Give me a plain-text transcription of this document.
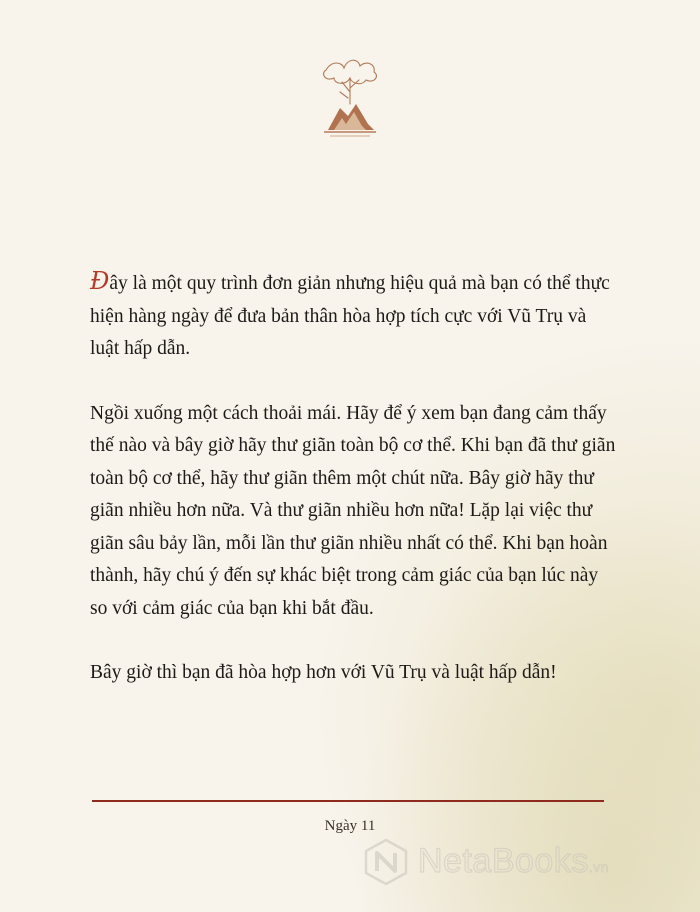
Đây là một quy trình đơn giản nhưng hiệu quả mà bạn có thể thực hiện hàng ngày để đưa bản thân hòa hợp tích cực với Vũ Trụ và luật hấp dẫn.

Ngồi xuống một cách thoải mái. Hãy để ý xem bạn đang cảm thấy thế nào và bây giờ hãy thư giãn toàn bộ cơ thể. Khi bạn đã thư giãn toàn bộ cơ thể, hãy thư giãn thêm một chút nữa. Bây giờ hãy thư giãn nhiều hơn nữa. Và thư giãn nhiều hơn nữa! Lặp lại việc thư giãn sâu bảy lần, mỗi lần thư giãn nhiều nhất có thể. Khi bạn hoàn thành, hãy chú ý đến sự khác biệt trong cảm giác của bạn lúc này so với cảm giác của bạn khi bắt đầu.

Bây giờ thì bạn đã hòa hợp hơn với Vũ Trụ và luật hấp dẫn!

Ngày 11
NetaBooks.vn
